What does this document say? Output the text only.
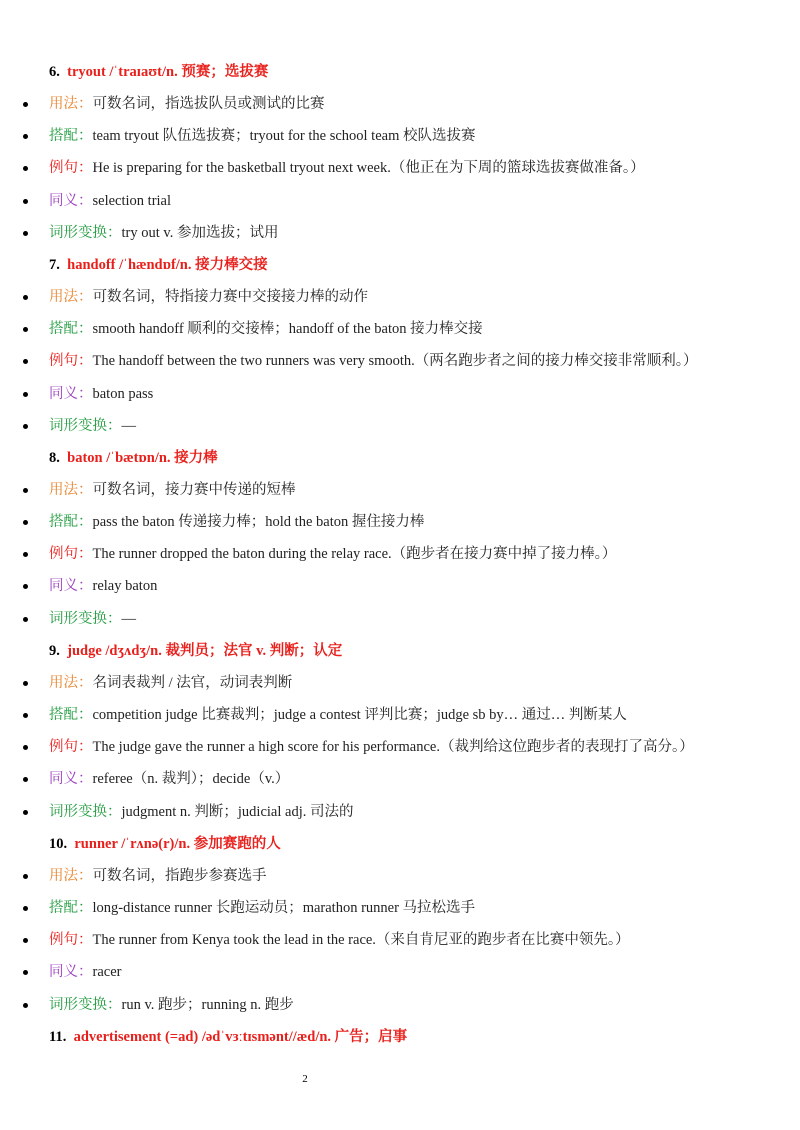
6. tryout /ˈtraɪaʊt/n. 预赛；选拔赛
用法：可数名词，指选拔队员或测试的比赛
搭配：team tryout 队伍选拔赛；tryout for the school team 校队选拔赛
例句：He is preparing for the basketball tryout next week.（他正在为下周的篮球选拔赛做准备。）
同义：selection trial
词形变换：try out v. 参加选拔；试用
7. handoff /ˈhændɒf/n. 接力棒交接
用法：可数名词，特指接力赛中交接接力棒的动作
搭配：smooth handoff 顺利的交接棒；handoff of the baton 接力棒交接
例句：The handoff between the two runners was very smooth.（两名跑步者之间的接力棒交接非常顺利。）
同义：baton pass
词形变换：—
8. baton /ˈbætɒn/n. 接力棒
用法：可数名词，接力赛中传递的短棒
搭配：pass the baton 传递接力棒；hold the baton 握住接力棒
例句：The runner dropped the baton during the relay race.（跑步者在接力赛中掉了接力棒。）
同义：relay baton
词形变换：—
9. judge /dʒʌdʒ/n. 裁判员；法官 v. 判断；认定
用法：名词表裁判 / 法官，动词表判断
搭配：competition judge 比赛裁判；judge a contest 评判比赛；judge sb by… 通过… 判断某人
例句：The judge gave the runner a high score for his performance.（裁判给这位跑步者的表现打了高分。）
同义：referee（n. 裁判）；decide（v.）
词形变换：judgment n. 判断；judicial adj. 司法的
10. runner /ˈrʌnə(r)/n. 参加赛跑的人
用法：可数名词，指跑步参赛选手
搭配：long-distance runner 长跑运动员；marathon runner 马拉松选手
例句：The runner from Kenya took the lead in the race.（来自肯尼亚的跑步者在比赛中领先。）
同义：racer
词形变换：run v. 跑步；running n. 跑步
11. advertisement (=ad) /ədˈvɜːtɪsmənt//æd/n. 广告；启事
2
